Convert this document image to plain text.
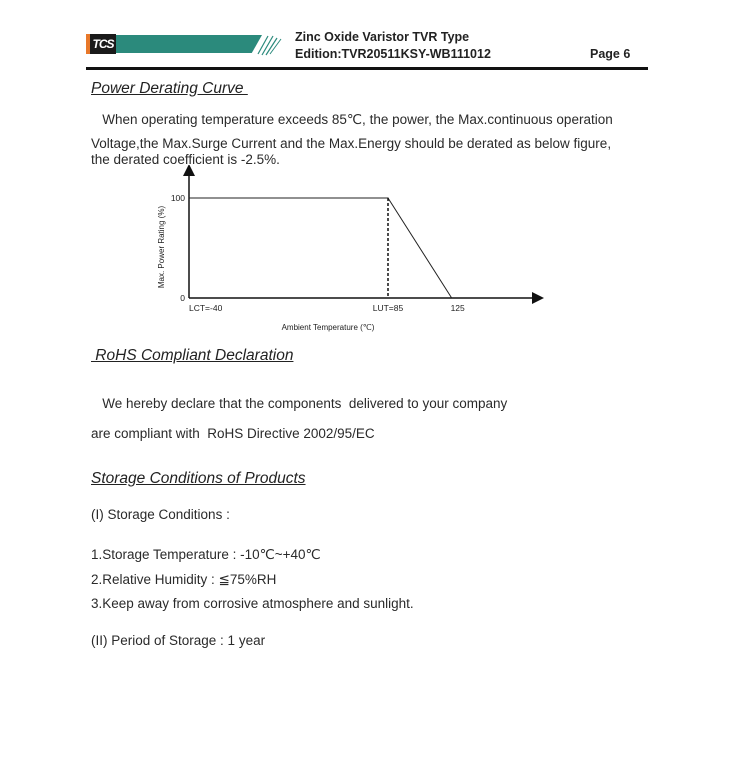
TCS	Zinc Oxide Varistor TVR Type
Edition:TVR20511KSY-WB111012	Page 6
Power Derating Curve
When operating temperature exceeds 85℃, the power, the Max.continuous operation
Voltage,the Max.Surge Current and the Max.Energy should be derated as below figure,
the derated coefficient is -2.5%.
0
100
LCT=-40	LUT=85	125
Ambient Temperature (℃)
Max. Power Rating (%)
RoHS Compliant Declaration
We hereby declare that the components  delivered to your company
are compliant with  RoHS Directive 2002/95/EC
Storage Conditions of Products
(I) Storage Conditions :
1.Storage Temperature : -10℃~+40℃
2.Relative Humidity : ≦75%RH
3.Keep away from corrosive atmosphere and sunlight.
(II) Period of Storage : 1 year
